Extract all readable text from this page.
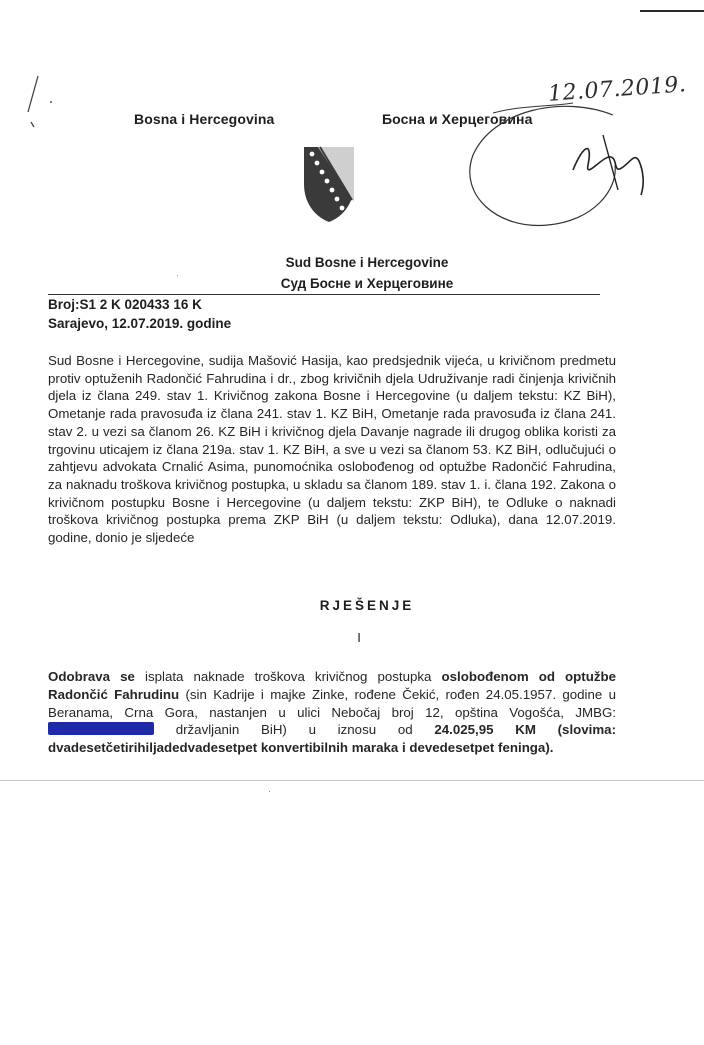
Bosna i Hercegovina	Босна и Херцеговина
12.07.2019.
Sud Bosne i Hercegovine
Суд Босне и Херцеговине
Broj:S1 2 K 020433 16 K
Sarajevo, 12.07.2019. godine
Sud Bosne i Hercegovine, sudija Mašović Hasija, kao predsjednik vijeća, u krivičnom predmetu protiv optuženih Radončić Fahrudina i dr., zbog krivičnih djela Udruživanje radi činjenja krivičnih djela iz člana 249. stav 1. Krivičnog zakona Bosne i Hercegovine (u daljem tekstu: KZ BiH), Ometanje rada pravosuđa iz člana 241. stav 1. KZ BiH, Ometanje rada pravosuđa iz člana 241. stav 2. u vezi sa članom 26. KZ BiH i krivičnog djela Davanje nagrade ili drugog oblika koristi za trgovinu uticajem iz člana 219a. stav 1. KZ BiH, a sve u vezi sa članom 53. KZ BiH, odlučujući o zahtjevu advokata Crnalić Asima, punomoćnika oslobođenog od optužbe Radončić Fahrudina, za naknadu troškova krivičnog postupka, u skladu sa članom 189. stav 1. i. člana 192. Zakona o krivičnom postupku Bosne i Hercegovine (u daljem tekstu: ZKP BiH), te Odluke o naknadi troškova krivičnog postupka prema ZKP BiH (u daljem tekstu: Odluka), dana 12.07.2019. godine, donio je sljedeće
RJEŠENJE
I
Odobrava se isplata naknade troškova krivičnog postupka oslobođenom od optužbe Radončić Fahrudinu (sin Kadrije i majke Zinke, rođene Čekić, rođen 24.05.1957. godine u Beranama, Crna Gora, nastanjen u ulici Nebočaj broj 12, opština Vogošća, JMBG:  državljanin BiH) u iznosu od 24.025,95 KM (slovima: dvadesetčetirihiljadedvadesetpet konvertibilnih maraka i devedesetpet feninga).
·
·
